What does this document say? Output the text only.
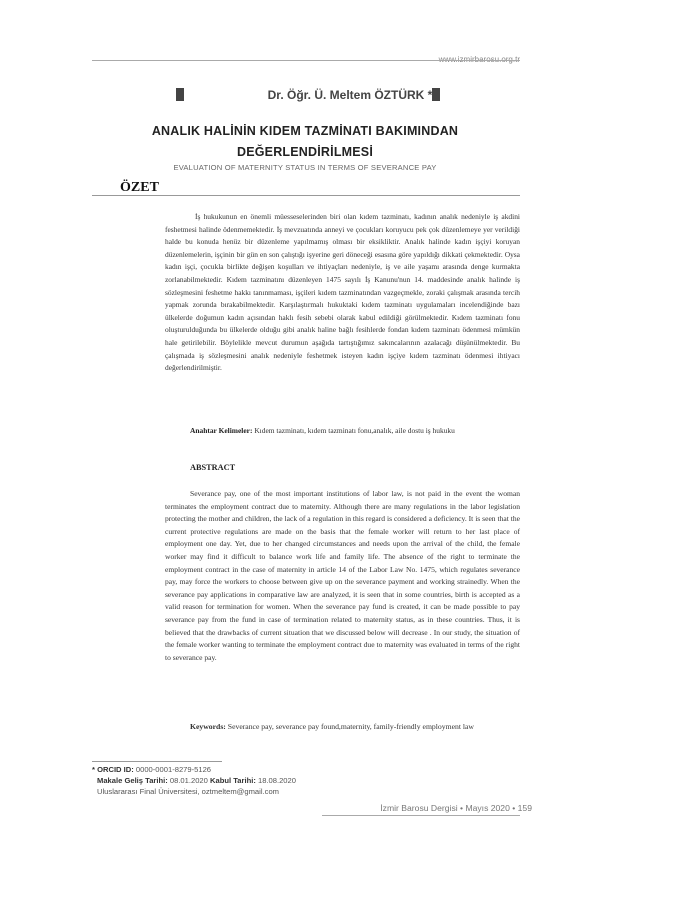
Dr. Öğr. Ü. Meltem ÖZTÜRK *
ANALIK HALİNİN KIDEM TAZMİNATI BAKIMINDAN
DEĞERLENDİRİLMESİ
EVALUATION OF MATERNITY STATUS IN TERMS OF SEVERANCE PAY
ÖZET

İş hukukunun en önemli müesseselerinden biri olan kıdem tazminatı, kadının analık nedeniyle iş akdini feshetmesi halinde ödenmemektedir. İş mevzuatında anneyi ve çocukları koruyucu pek çok düzenlemeye yer verildiği halde bu konuda henüz bir düzenleme yapılmamış olması bir eksikliktir. Analık halinde kadın işçiyi koruyan düzenlemelerin, işçinin bir gün en son çalıştığı işyerine geri döneceği esasına göre yapıldığı dikkati çekmektedir. Oysa kadın işçi, çocukla birlikte değişen koşulları ve ihtiyaçları nedeniyle, iş ve aile yaşamı arasında denge kurmakta zorlanabilmektedir. Kıdem tazminatını düzenleyen 1475 sayılı İş Kanunu'nun 14. maddesinde analık halinde iş sözleşmesini feshetme hakkı tanınmaması, işçileri kıdem tazminatından vazgeçmekle, zoraki çalışmak arasında tercih yapmak zorunda bırakabilmektedir. Karşılaştırmalı hukuktaki kıdem tazminatı uygulamaları incelendiğinde bazı ülkelerde doğumun kadın açısından haklı fesih sebebi olarak kabul edildiği görülmektedir. Kıdem tazminatı fonu oluşturulduğunda bu ülkelerde olduğu gibi analık haline bağlı fesihlerde fondan kıdem tazminatı ödenmesi mümkün hale getirilebilir. Böylelikle mevcut durumun aşağıda tartıştığımız sakıncalarının azalacağı düşünülmektedir. Bu çalışmada iş sözleşmesini analık nedeniyle feshetmek isteyen kadın işçiye kıdem tazminatı ödenmesi ihtiyacı değerlendirilmiştir.

Anahtar Kelimeler: Kıdem tazminatı, kıdem tazminatı fonu,analık, aile dostu iş hukuku

ABSTRACT

Severance pay, one of the most important institutions of labor law, is not paid in the event the woman terminates the employment contract due to maternity. Although there are many regulations in the labor legislation protecting the mother and children, the lack of a regulation in this regard is considered a deficiency. It is seen that the current protective regulations are made on the basis that the female worker will return to her last place of employment one day. Yet, due to her changed circumstances and needs upon the arrival of the child, the female worker may find it difficult to balance work life and family life. The absence of the right to terminate the employment contract in the case of maternity in article 14 of the Labor Law No. 1475, which regulates severance pay, may force the workers to choose between give up on the severance payment and working strainedly. When the severance pay applications in comparative law are analyzed, it is seen that in some countries, birth is accepted as a valid reason for termination for women. When the severance pay fund is created, it can be made possible to pay severance pay from the fund in case of termination related to maternity status, as in these countries. Thus, it is believed that the drawbacks of current situation that we discussed below will decrease . In our study, the situation of the female worker wanting to terminate the employment contract due to maternity was evaluated in terms of the right to severance pay.

Keywords: Severance pay, severance pay found,maternity, family-friendly employment law

* ORCID ID: 0000-0001-8279-5126
Makale Geliş Tarihi: 08.01.2020 Kabul Tarihi: 18.08.2020
Uluslararası Final Üniversitesi, oztmeltem@gmail.com
İzmir Barosu Dergisi • Mayıs 2020 • 159
